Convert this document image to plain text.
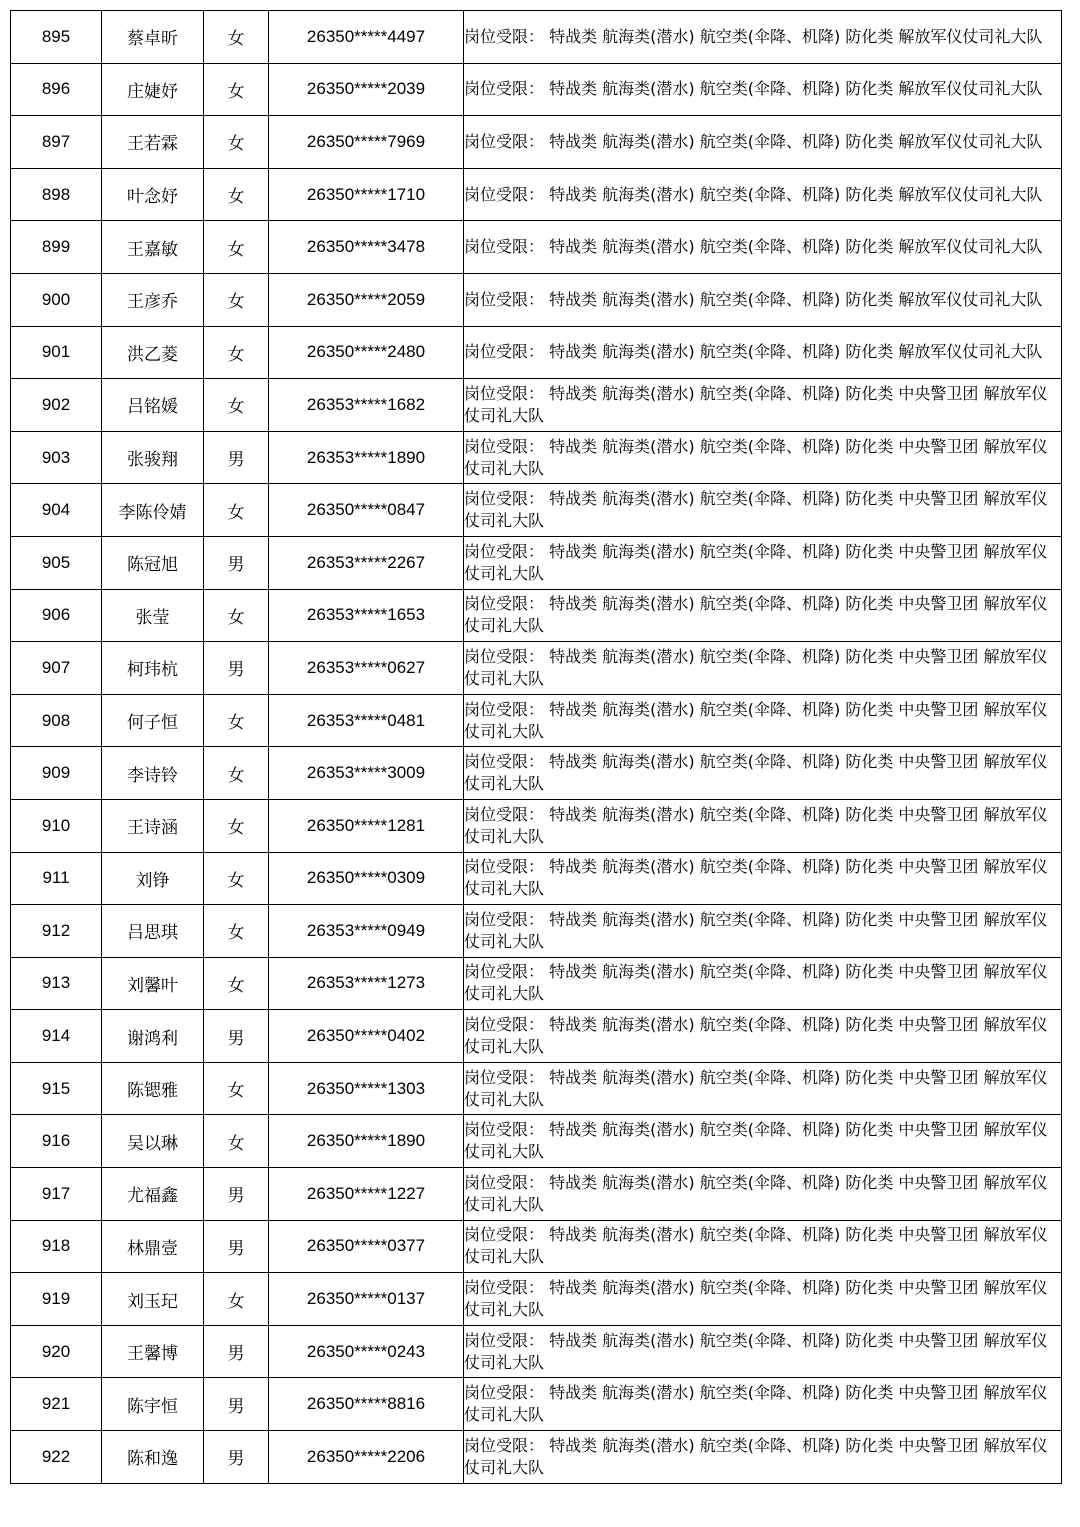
895	蔡卓昕	女	26350*****4497	岗位受限： 特战类 航海类(潜水) 航空类(伞降、机降) 防化类 解放军仪仗司礼大队
896	庄婕妤	女	26350*****2039	岗位受限： 特战类 航海类(潜水) 航空类(伞降、机降) 防化类 解放军仪仗司礼大队
897	王若霖	女	26350*****7969	岗位受限： 特战类 航海类(潜水) 航空类(伞降、机降) 防化类 解放军仪仗司礼大队
898	叶念妤	女	26350*****1710	岗位受限： 特战类 航海类(潜水) 航空类(伞降、机降) 防化类 解放军仪仗司礼大队
899	王嘉敏	女	26350*****3478	岗位受限： 特战类 航海类(潜水) 航空类(伞降、机降) 防化类 解放军仪仗司礼大队
900	王彦乔	女	26350*****2059	岗位受限： 特战类 航海类(潜水) 航空类(伞降、机降) 防化类 解放军仪仗司礼大队
901	洪乙菱	女	26350*****2480	岗位受限： 特战类 航海类(潜水) 航空类(伞降、机降) 防化类 解放军仪仗司礼大队
902	吕铭媛	女	26353*****1682	岗位受限： 特战类 航海类(潜水) 航空类(伞降、机降) 防化类 中央警卫团 解放军仪仗司礼大队
903	张骏翔	男	26353*****1890	岗位受限： 特战类 航海类(潜水) 航空类(伞降、机降) 防化类 中央警卫团 解放军仪仗司礼大队
904	李陈伶婧	女	26350*****0847	岗位受限： 特战类 航海类(潜水) 航空类(伞降、机降) 防化类 中央警卫团 解放军仪仗司礼大队
905	陈冠旭	男	26353*****2267	岗位受限： 特战类 航海类(潜水) 航空类(伞降、机降) 防化类 中央警卫团 解放军仪仗司礼大队
906	张莹	女	26353*****1653	岗位受限： 特战类 航海类(潜水) 航空类(伞降、机降) 防化类 中央警卫团 解放军仪仗司礼大队
907	柯玮杭	男	26353*****0627	岗位受限： 特战类 航海类(潜水) 航空类(伞降、机降) 防化类 中央警卫团 解放军仪仗司礼大队
908	何子恒	女	26353*****0481	岗位受限： 特战类 航海类(潜水) 航空类(伞降、机降) 防化类 中央警卫团 解放军仪仗司礼大队
909	李诗铃	女	26353*****3009	岗位受限： 特战类 航海类(潜水) 航空类(伞降、机降) 防化类 中央警卫团 解放军仪仗司礼大队
910	王诗涵	女	26350*****1281	岗位受限： 特战类 航海类(潜水) 航空类(伞降、机降) 防化类 中央警卫团 解放军仪仗司礼大队
911	刘铮	女	26350*****0309	岗位受限： 特战类 航海类(潜水) 航空类(伞降、机降) 防化类 中央警卫团 解放军仪仗司礼大队
912	吕思琪	女	26353*****0949	岗位受限： 特战类 航海类(潜水) 航空类(伞降、机降) 防化类 中央警卫团 解放军仪仗司礼大队
913	刘馨叶	女	26353*****1273	岗位受限： 特战类 航海类(潜水) 航空类(伞降、机降) 防化类 中央警卫团 解放军仪仗司礼大队
914	谢鸿利	男	26350*****0402	岗位受限： 特战类 航海类(潜水) 航空类(伞降、机降) 防化类 中央警卫团 解放军仪仗司礼大队
915	陈锶雅	女	26350*****1303	岗位受限： 特战类 航海类(潜水) 航空类(伞降、机降) 防化类 中央警卫团 解放军仪仗司礼大队
916	吴以琳	女	26350*****1890	岗位受限： 特战类 航海类(潜水) 航空类(伞降、机降) 防化类 中央警卫团 解放军仪仗司礼大队
917	尤福鑫	男	26350*****1227	岗位受限： 特战类 航海类(潜水) 航空类(伞降、机降) 防化类 中央警卫团 解放军仪仗司礼大队
918	林鼎壹	男	26350*****0377	岗位受限： 特战类 航海类(潜水) 航空类(伞降、机降) 防化类 中央警卫团 解放军仪仗司礼大队
919	刘玉玘	女	26350*****0137	岗位受限： 特战类 航海类(潜水) 航空类(伞降、机降) 防化类 中央警卫团 解放军仪仗司礼大队
920	王馨博	男	26350*****0243	岗位受限： 特战类 航海类(潜水) 航空类(伞降、机降) 防化类 中央警卫团 解放军仪仗司礼大队
921	陈宇恒	男	26350*****8816	岗位受限： 特战类 航海类(潜水) 航空类(伞降、机降) 防化类 中央警卫团 解放军仪仗司礼大队
922	陈和逸	男	26350*****2206	岗位受限： 特战类 航海类(潜水) 航空类(伞降、机降) 防化类 中央警卫团 解放军仪仗司礼大队
